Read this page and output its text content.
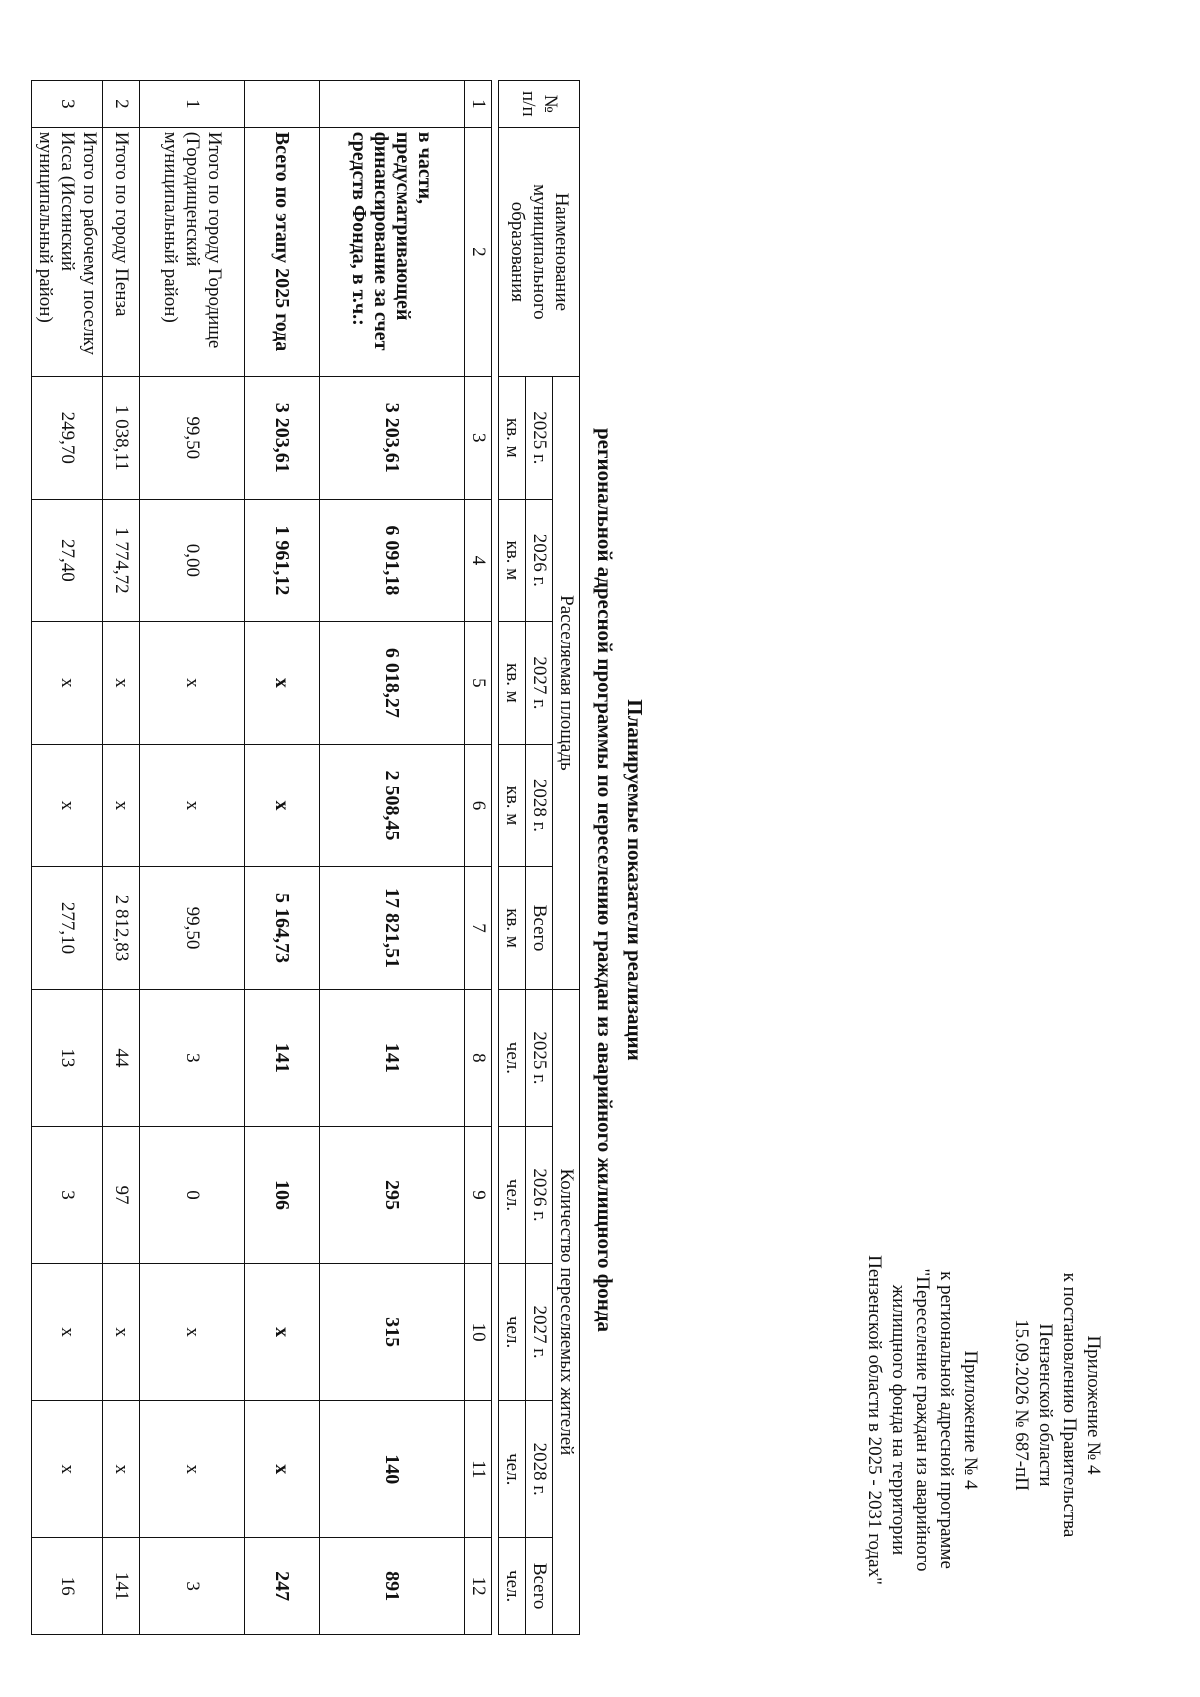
Приложение № 4
к постановлению Правительства
Пензенской области
15.09.2026 № 687-пП
Приложение № 4
к региональной адресной программе
"Переселение граждан из аварийного
жилищного фонда на территории
Пензенской области в 2025 - 2031 годах"
Планируемые показатели реализации
региональной адресной программы по переселению граждан из аварийного жилищного фонда
№ п/п	Наименование муниципального образования	Расселяемая площадь					Количество переселяемых жителей				
		2025 г.	2026 г.	2027 г.	2028 г.	Всего	2025 г.	2026 г.	2027 г.	2028 г.	Всего
		кв. м	кв. м	кв. м	кв. м	кв. м	чел.	чел.	чел.	чел.	чел.

1	2	3	4	5	6	7	8	9	10	11	12
	в части, предусматривающей финансирование за счет средств Фонда, в т.ч.:	3 203,61	6 091,18	6 018,27	2 508,45	17 821,51	141	295	315	140	891
	Всего по этапу 2025 года	3 203,61	1 961,12	x	x	5 164,73	141	106	x	x	247
1	Итого по городу Городище (Городищенский муниципальный район)	99,50	0,00	x	x	99,50	3	0	x	x	3
2	Итого по городу Пенза	1 038,11	1 774,72	x	x	2 812,83	44	97	x	x	141
3	Итого по рабочему поселку Исса (Иссинский муниципальный район)	249,70	27,40	x	x	277,10	13	3	x	x	16
